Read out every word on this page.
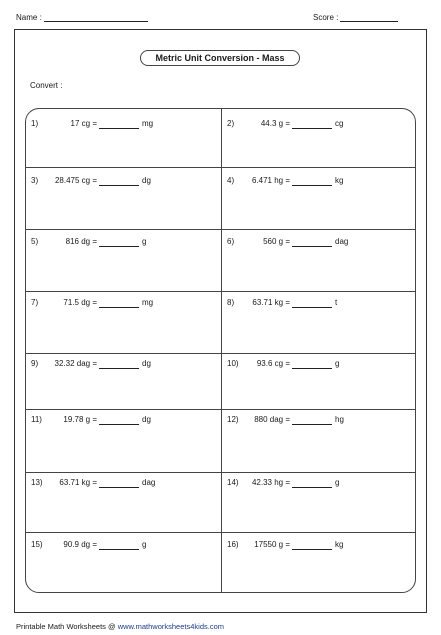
Name :	Score :
Metric Unit Conversion - Mass
Convert :
1)	17 cg =	mg	2)	44.3 g =	cg
3)	28.475 cg =	dg	4)	6.471 hg =	kg
5)	816 dg =	g	6)	560 g =	dag
7)	71.5 dg =	mg	8)	63.71 kg =	t
9)	32.32 dag =	dg	10)	93.6 cg =	g
11)	19.78 g =	dg	12)	880 dag =	hg
13)	63.71 kg =	dag	14)	42.33 hg =	g
15)	90.9 dg =	g	16)	17550 g =	kg
Printable Math Worksheets @ www.mathworksheets4kids.com
